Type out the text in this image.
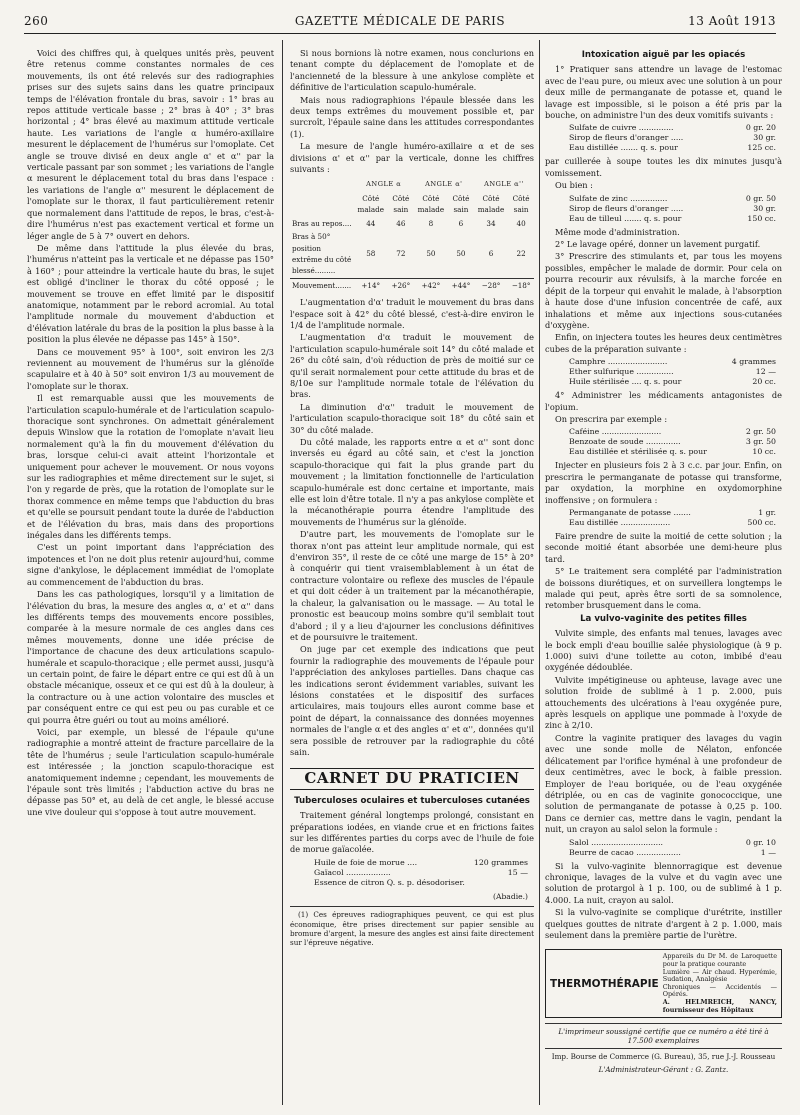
260	GAZETTE MÉDICALE DE PARIS	13 Août 1913

Voici des chiffres qui, à quelques unités près, peuvent être retenus comme constantes normales de ces mouvements, ils ont été relevés sur des radiographies prises sur des sujets sains dans les quatre principaux temps de l'élévation frontale du bras, savoir : 1° bras au repos attitude verticale basse ; 2° bras à 40° ; 3° bras horizontal ; 4° bras élevé au maximum attitude verticale haute. Les variations de l'angle α huméro-axillaire mesurent le déplacement de l'humérus sur l'omoplate. Cet angle se trouve divisé en deux angle α' et α'' par la verticale passant par son sommet ; les variations de l'angle α mesurent le déplacement total du bras dans l'espace : les variations de l'angle α'' mesurent le déplacement de l'omoplate sur le thorax, il faut particulièrement retenir que normalement dans l'attitude de repos, le bras, c'est-à-dire l'humérus n'est pas exactement vertical et forme un léger angle de 5 à 7° ouvert en dehors.

De même dans l'attitude la plus élevée du bras, l'humérus n'atteint pas la verticale et ne dépasse pas 150° à 160° ; pour atteindre la verticale haute du bras, le sujet est obligé d'incliner le thorax du côté opposé ; le mouvement se trouve en effet limité par le dispositif anatomique, notamment par le rebord acromial. Au total l'amplitude normale du mouvement d'abduction et d'élévation latérale du bras de la position la plus basse à la position la plus élevée ne dépasse pas 145° à 150°.

Dans ce mouvement 95° à 100°, soit environ les 2/3 reviennent au mouvement de l'humérus sur la glénoïde scapulaire et à 40 à 50° soit environ 1/3 au mouvement de l'omoplate sur le thorax.

Il est remarquable aussi que les mouvements de l'articulation scapulo-humérale et de l'articulation scapulo-thoracique sont synchrones. On admettait généralement depuis Winslow que la rotation de l'omoplate n'avait lieu normalement qu'à la fin du mouvement d'élévation du bras, lorsque celui-ci avait atteint l'horizontale et uniquement pour achever le mouvement. Or nous voyons sur les radiographies et même directement sur le sujet, si l'on y regarde de près, que la rotation de l'omoplate sur le thorax commence en même temps que l'abduction du bras et qu'elle se poursuit pendant toute la durée de l'abduction et de l'élévation du bras, mais dans des proportions inégales dans les différents temps.

C'est un point important dans l'appréciation des impotences et l'on ne doit plus retenir aujourd'hui, comme signe d'ankylose, le déplacement immédiat de l'omoplate au commencement de l'abduction du bras.

Dans les cas pathologiques, lorsqu'il y a limitation de l'élévation du bras, la mesure des angles α, α' et α'' dans les différents temps des mouvements encore possibles, comparée à la mesure normale de ces angles dans ces mêmes mouvements, donne une idée précise de l'importance de chacune des deux articulations scapulo-humérale et scapulo-thoracique ; elle permet aussi, jusqu'à un certain point, de faire le départ entre ce qui est dû à un obstacle mécanique, osseux et ce qui est dû à la douleur, à la contracture ou à une action volontaire des muscles et par conséquent entre ce qui est peu ou pas curable et ce qui pourra être guéri ou tout au moins amélioré.

Voici, par exemple, un blessé de l'épaule qu'une radiographie a montré atteint de fracture parcellaire de la tête de l'humérus ; seule l'articulation scapulo-humérale est intéressée ; la jonction scapulo-thoracique est anatomiquement indemne ; cependant, les mouvements de l'épaule sont très limités ; l'abduction active du bras ne dépasse pas 50° et, au delà de cet angle, le blessé accuse une vive douleur qui s'oppose à tout autre mouvement.

Si nous bornions là notre examen, nous conclurions en tenant compte du déplacement de l'omoplate et de l'ancienneté de la blessure à une ankylose complète et définitive de l'articulation scapulo-humérale.

Mais nous radiographions l'épaule blessée dans les deux temps extrêmes du mouvement possible et, par surcroît, l'épaule saine dans les attitudes correspondantes (1).

La mesure de l'angle huméro-axillaire α et de ses divisions α' et α'' par la verticale, donne les chiffres suivants :

	ANGLE α		ANGLE α'		ANGLE α''	
	Côté malade	Côté sain	Côté malade	Côté sain	Côté malade	Côté sain
Bras au repos....	44	46	8	6	34	40
Bras à 50° position extrême du côté blessé.........	58	72	50	50	6	22
Mouvement.......	+14°	+26°	+42°	+44°	−28°	−18°

L'augmentation d'α' traduit le mouvement du bras dans l'espace soit à 42° du côté blessé, c'est-à-dire environ le 1/4 de l'amplitude normale.

L'augmentation d'α traduit le mouvement de l'articulation scapulo-humérale soit 14° du côté malade et 26° du côté sain, d'où réduction de près de moitié sur ce qu'il serait normalement pour cette attitude du bras et de 8/10e sur l'amplitude normale totale de l'élévation du bras.

La diminution d'α'' traduit le mouvement de l'articulation scapulo-thoracique soit 18° du côté sain et 30° du côté malade.

Du côté malade, les rapports entre α et α'' sont donc inversés eu égard au côté sain, et c'est la jonction scapulo-thoracique qui fait la plus grande part du mouvement ; la limitation fonctionnelle de l'articulation scapulo-humérale est donc certaine et importante, mais elle est loin d'être totale. Il n'y a pas ankylose complète et la mécanothérapie pourra étendre l'amplitude des mouvements de l'humérus sur la glénoïde.

D'autre part, les mouvements de l'omoplate sur le thorax n'ont pas atteint leur amplitude normale, qui est d'environ 35°, il reste de ce côté une marge de 15° à 20° à conquérir qui tient vraisemblablement à un état de contracture volontaire ou reflexe des muscles de l'épaule et qui doit céder à un traitement par la mécanothérapie, la chaleur, la galvanisation ou le massage. — Au total le pronostic est beaucoup moins sombre qu'il semblait tout d'abord ; il y a lieu d'ajourner les conclusions définitives et de poursuivre le traitement.

On juge par cet exemple des indications que peut fournir la radiographie des mouvements de l'épaule pour l'appréciation des ankyloses partielles. Dans chaque cas les indications seront évidemment variables, suivant les lésions constatées et le dispositif des surfaces articulaires, mais toujours elles auront comme base et point de départ, la connaissance des données moyennes normales de l'angle α et des angles α' et α'', données qu'il sera possible de retrouver par la radiographie du côté sain.

CARNET DU PRATICIEN
Tuberculoses oculaires et tuberculoses cutanées

Traitement général longtemps prolongé, consistant en préparations iodées, en viande crue et en frictions faites sur les différentes parties du corps avec de l'huile de foie de morue gaïacolée.

Huile de foie de morue ....	120 grammes
Gaïacol ..................	15 —
Essence de citron Q. s. p. désodoriser.
(Abadie.)
(1) Ces épreuves radiographiques peuvent, ce qui est plus économique, être prises directement sur papier sensible au bromure d'argent, la mesure des angles est ainsi faite directement sur l'épreuve négative.
Intoxication aiguë par les opiacés

1° Pratiquer sans attendre un lavage de l'estomac avec de l'eau pure, ou mieux avec une solution à un pour deux mille de permanganate de potasse et, quand le lavage est impossible, si le poison a été pris par la bouche, on administre l'un des deux vomitifs suivants :

Sulfate de cuivre ..............	0 gr. 20
Sirop de fleurs d'oranger .....	30 gr.
Eau distillée ....... q. s. pour	125 cc.

par cuillerée à soupe toutes les dix minutes jusqu'à vomissement.

Ou bien :

Sulfate de zinc ...............	0 gr. 50
Sirop de fleurs d'oranger .....	30 gr.
Eau de tilleul ....... q. s. pour	150 cc.

Même mode d'administration.

2° Le lavage opéré, donner un lavement purgatif.

3° Prescrire des stimulants et, par tous les moyens possibles, empêcher le malade de dormir. Pour cela on pourra recourir aux révulsifs, à la marche forcée en dépit de la torpeur qui envahit le malade, à l'absorption à haute dose d'une infusion concentrée de café, aux inhalations et même aux injections sous-cutanées d'oxygène.

Enfin, on injectera toutes les heures deux centimètres cubes de la préparation suivante :

Camphre ........................	4 grammes
Ether sulfurique ...............	12 —
Huile stérilisée .... q. s. pour	20 cc.

4° Administrer les médicaments antagonistes de l'opium.

On prescrira par exemple :

Caféine ........................	2 gr. 50
Benzoate de soude ..............	3 gr. 50
Eau distillée et stérilisée q. s. pour	10 cc.

Injecter en plusieurs fois 2 à 3 c.c. par jour. Enfin, on prescrira le permanganate de potasse qui transforme, par oxydation, la morphine en oxydomorphine inoffensive ; on formulera :

Permanganate de potasse .......	1 gr.
Eau distillée ....................	500 cc.

Faire prendre de suite la moitié de cette solution ; la seconde moitié étant absorbée une demi-heure plus tard.

5° Le traitement sera complété par l'administration de boissons diurétiques, et on surveillera longtemps le malade qui peut, après être sorti de sa somnolence, retomber brusquement dans le coma.

La vulvo-vaginite des petites filles

Vulvite simple, des enfants mal tenues, lavages avec le bock empli d'eau bouillie salée physiologique (à 9 p. 1.000) suivi d'une toilette au coton, imbibé d'eau oxygénée dédoublée.

Vulvite impétigineuse ou aphteuse, lavage avec une solution froide de sublimé à 1 p. 2.000, puis attouchements des ulcérations à l'eau oxygénée pure, après lesquels on applique une pommade à l'oxyde de zinc à 2/10.

Contre la vaginite pratiquer des lavages du vagin avec une sonde molle de Nélaton, enfoncée délicatement par l'orifice hyménal à une profondeur de deux centimètres, avec le bock, à faible pression. Employer de l'eau boriquée, ou de l'eau oxygénée détriplée, ou en cas de vaginite gonococcique, une solution de permanganate de potasse à 0,25 p. 100. Dans ce dernier cas, mettre dans le vagin, pendant la nuit, un crayon au salol selon la formule :

Salol .............................	0 gr. 10
Beurre de cacao ..................	1 —

Si la vulvo-vaginite blennorragique est devenue chronique, lavages de la vulve et du vagin avec une solution de protargol à 1 p. 100, ou de sublimé à 1 p. 4.000. La nuit, crayon au salol.

Si la vulvo-vaginite se complique d'urétrite, instiller quelques gouttes de nitrate d'argent à 2 p. 1.000, mais seulement dans la première partie de l'urètre.

THERMOTHÉRAPIE
Appareils du Dr M. de Laroquette pour la pratique courante
Lumière — Air chaud. Hyperémie, Sudation, Analgésie
Chroniques — Accidentés — Opérés.
A. HELMREICH, NANCY, fournisseur des Hôpitaux
L'imprimeur soussigné certifie que ce numéro a été tiré à 17.500 exemplaires
Imp. Bourse de Commerce (G. Bureau), 35, rue J.-J. Rousseau
L'Administrateur-Gérant : G. Zantz.
